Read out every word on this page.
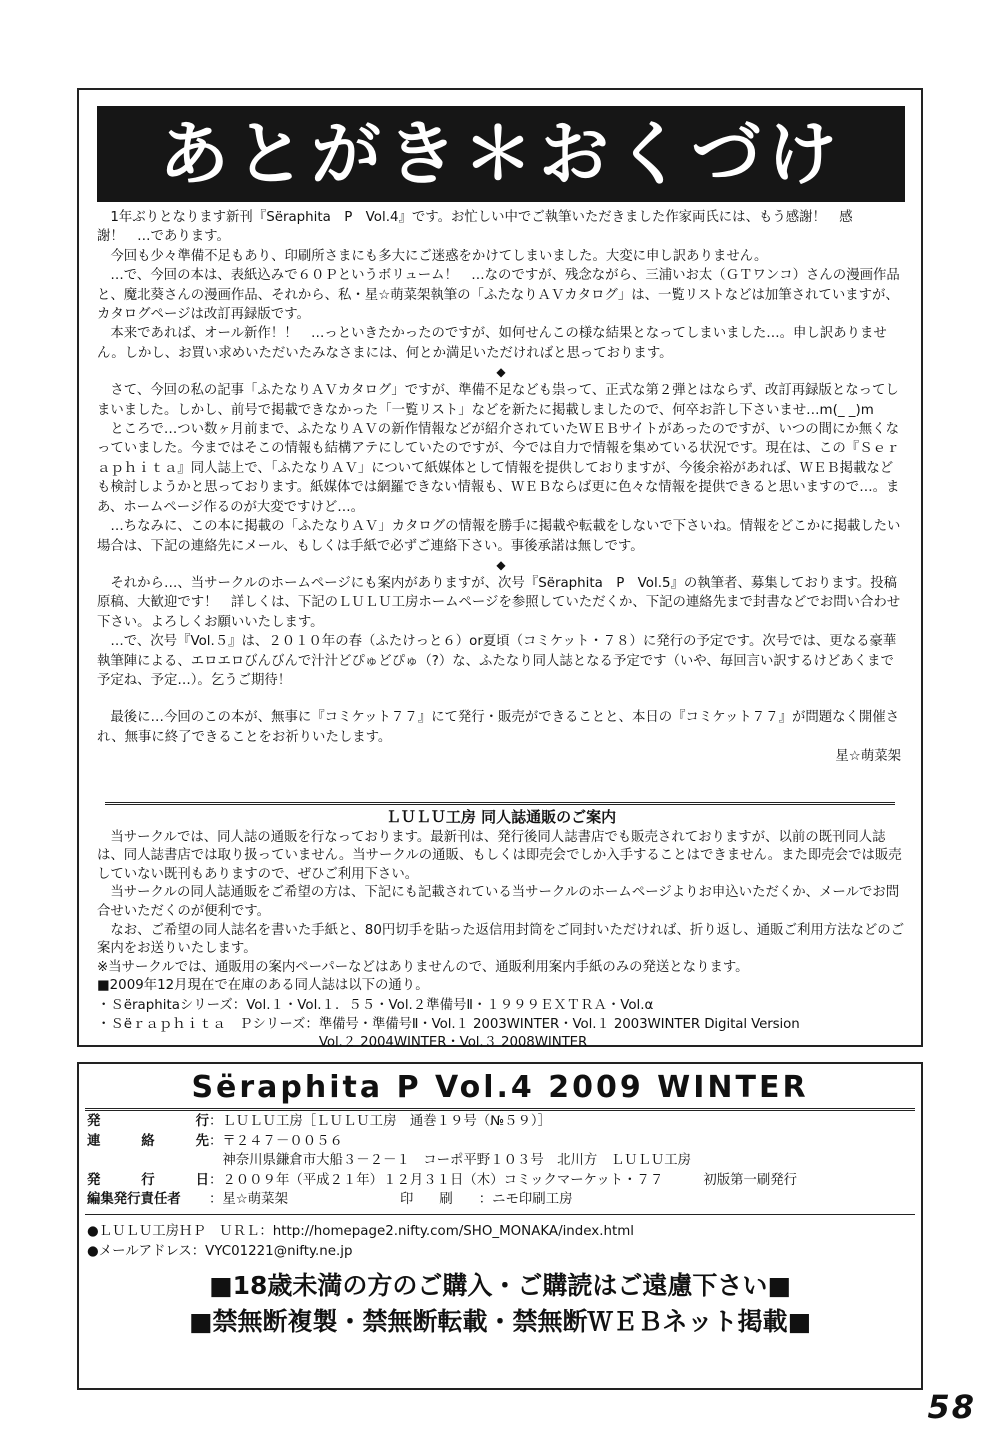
あとがき＊おくづけ

1年ぶりとなります新刊『Sëraphita　P　Vol.4』です。お忙しい中でご執筆いただきました作家両氏には、もう感謝！　感謝！　…であります。

今回も少々準備不足もあり、印刷所さまにも多大にご迷惑をかけてしまいました。大変に申し訳ありません。

…で、今回の本は、表紙込みで６０Ｐというボリューム！　…なのですが、残念ながら、三浦いお太（ＧＴワンコ）さんの漫画作品と、魔北葵さんの漫画作品、それから、私・星☆萌菜架執筆の「ふたなりＡＶカタログ」は、一覧リストなどは加筆されていますが、カタログページは改訂再録版です。

本来であれば、オール新作！！　…っといきたかったのですが、如何せんこの様な結果となってしまいました…。申し訳ありません。しかし、お買い求めいただいたみなさまには、何とか満足いただければと思っております。

◆

さて、今回の私の記事「ふたなりＡＶカタログ」ですが、準備不足なども祟って、正式な第２弾とはならず、改訂再録版となってしまいました。しかし、前号で掲載できなかった「一覧リスト」などを新たに掲載しましたので、何卒お許し下さいませ…m(_ _)m

ところで…つい数ヶ月前まで、ふたなりＡＶの新作情報などが紹介されていたＷＥＢサイトがあったのですが、いつの間にか無くなっていました。今まではそこの情報も結構アテにしていたのですが、今では自力で情報を集めている状況です。現在は、この『Ｓｅｒａｐｈｉｔａ』同人誌上で、「ふたなりＡＶ」について紙媒体として情報を提供しておりますが、今後余裕があれば、ＷＥＢ掲載なども検討しようかと思っております。紙媒体では網羅できない情報も、ＷＥＢならば更に色々な情報を提供できると思いますので…。まあ、ホームページ作るのが大変ですけど…。

…ちなみに、この本に掲載の「ふたなりＡＶ」カタログの情報を勝手に掲載や転載をしないで下さいね。情報をどこかに掲載したい場合は、下記の連絡先にメール、もしくは手紙で必ずご連絡下さい。事後承諾は無しです。

◆

それから…、当サークルのホームページにも案内がありますが、次号『Sëraphita　P　Vol.5』の執筆者、募集しております。投稿原稿、大歓迎です！　詳しくは、下記のＬＵＬＵ工房ホームページを参照していただくか、下記の連絡先まで封書などでお問い合わせ下さい。よろしくお願いいたします。

…で、次号『Vol.５』は、２０１０年の春（ふたけっと６）or夏頃（コミケット・７８）に発行の予定です。次号では、更なる豪華執筆陣による、エロエロびんびんで汁汁どぴゅどぴゅ（?）な、ふたなり同人誌となる予定です（いや、毎回言い訳するけどあくまで予定ね、予定…）。乞うご期待！

最後に…今回のこの本が、無事に『コミケット７７』にて発行・販売ができることと、本日の『コミケット７７』が問題なく開催され、無事に終了できることをお祈りいたします。

星☆萌菜架

ＬＵＬＵ工房 同人誌通販のご案内

当サークルでは、同人誌の通販を行なっております。最新刊は、発行後同人誌書店でも販売されておりますが、以前の既刊同人誌は、同人誌書店では取り扱っていません。当サークルの通販、もしくは即売会でしか入手することはできません。また即売会では販売していない既刊もありますので、ぜひご利用下さい。

当サークルの同人誌通販をご希望の方は、下記にも記載されている当サークルのホームページよりお申込いただくか、メールでお問合せいただくのが便利です。

なお、ご希望の同人誌名を書いた手紙と、80円切手を貼った返信用封筒をご同封いただければ、折り返し、通販ご利用方法などのご案内をお送りいたします。

※当サークルでは、通販用の案内ペーパーなどはありませんので、通販利用案内手紙のみの発送となります。

■2009年12月現在で在庫のある同人誌は以下の通り。

・Ｓëraphitaシリーズ： Vol.１・Vol.１．５５・Vol.２準備号Ⅱ・１９９９ＥＸＴＲＡ・Vol.α
・Ｓëｒａｐｈｉｔａ　Ｐシリーズ： 準備号・準備号Ⅱ・Vol.１ 2003WINTER・Vol.１ 2003WINTER Digital Version
Vol.２ 2004WINTER・Vol.３ 2008WINTER
Sëraphita P Vol.4 2009 WINTER
発	行 ：ＬＵＬＵ工房［ＬＵＬＵ工房　通巻１９号（№５９）］
連	絡	先 ：〒２４７－００５６
　神奈川県鎌倉市大船３－２－１　コーポ平野１０３号　北川方　ＬＵＬＵ工房
発	行	日 ：２００９年（平成２１年）１２月３１日（木）コミックマーケット・７７	初版第一刷発行
編集発行責任者 ：星☆萌菜架	印刷 ：ニモ印刷工房
●ＬＵＬＵ工房ＨＰ　ＵＲＬ：http://homepage2.nifty.com/SHO_MONAKA/index.html
●メールアドレス：VYC01221@nifty.ne.jp
■18歳未満の方のご購入・ご購読はご遠慮下さい■
■禁無断複製・禁無断転載・禁無断ＷＥＢネット掲載■
58
